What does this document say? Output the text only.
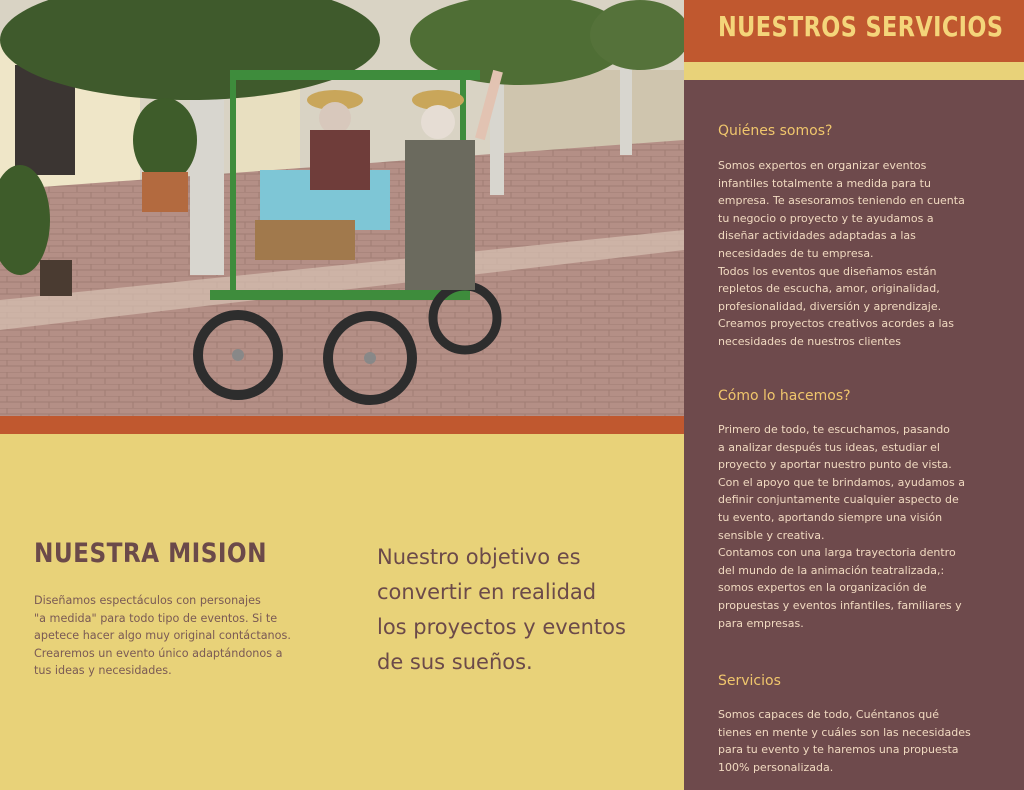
NUESTRA MISION

Diseñamos espectáculos con personajes
"a medida" para todo tipo de eventos. Si te
apetece hacer algo muy original contáctanos.
Crearemos un evento único adaptándonos a
tus ideas y necesidades.

Nuestro objetivo es
convertir en realidad
los proyectos y eventos
de sus sueños.

NUESTROS SERVICIOS
Quiénes somos?

Somos expertos en organizar eventos
infantiles totalmente a medida para tu
empresa. Te asesoramos teniendo en cuenta
tu negocio o proyecto y te ayudamos a
diseñar actividades adaptadas a las
necesidades de tu empresa.
Todos los eventos que diseñamos están
repletos de escucha, amor, originalidad,
profesionalidad, diversión y aprendizaje.
Creamos proyectos creativos acordes a las
necesidades de nuestros clientes

Cómo lo hacemos?

Primero de todo, te escuchamos, pasando
a analizar después tus ideas, estudiar el
proyecto y aportar nuestro punto de vista.
Con el apoyo que te brindamos, ayudamos a
definir conjuntamente cualquier aspecto de
tu evento, aportando siempre una visión
sensible y creativa.
Contamos con una larga trayectoria dentro
del mundo de la animación teatralizada,:
somos expertos en la organización de
propuestas y eventos infantiles, familiares y
para empresas.

Servicios

Somos capaces de todo, Cuéntanos qué
tienes en mente y cuáles son las necesidades
para tu evento y te haremos una propuesta
100% personalizada.
